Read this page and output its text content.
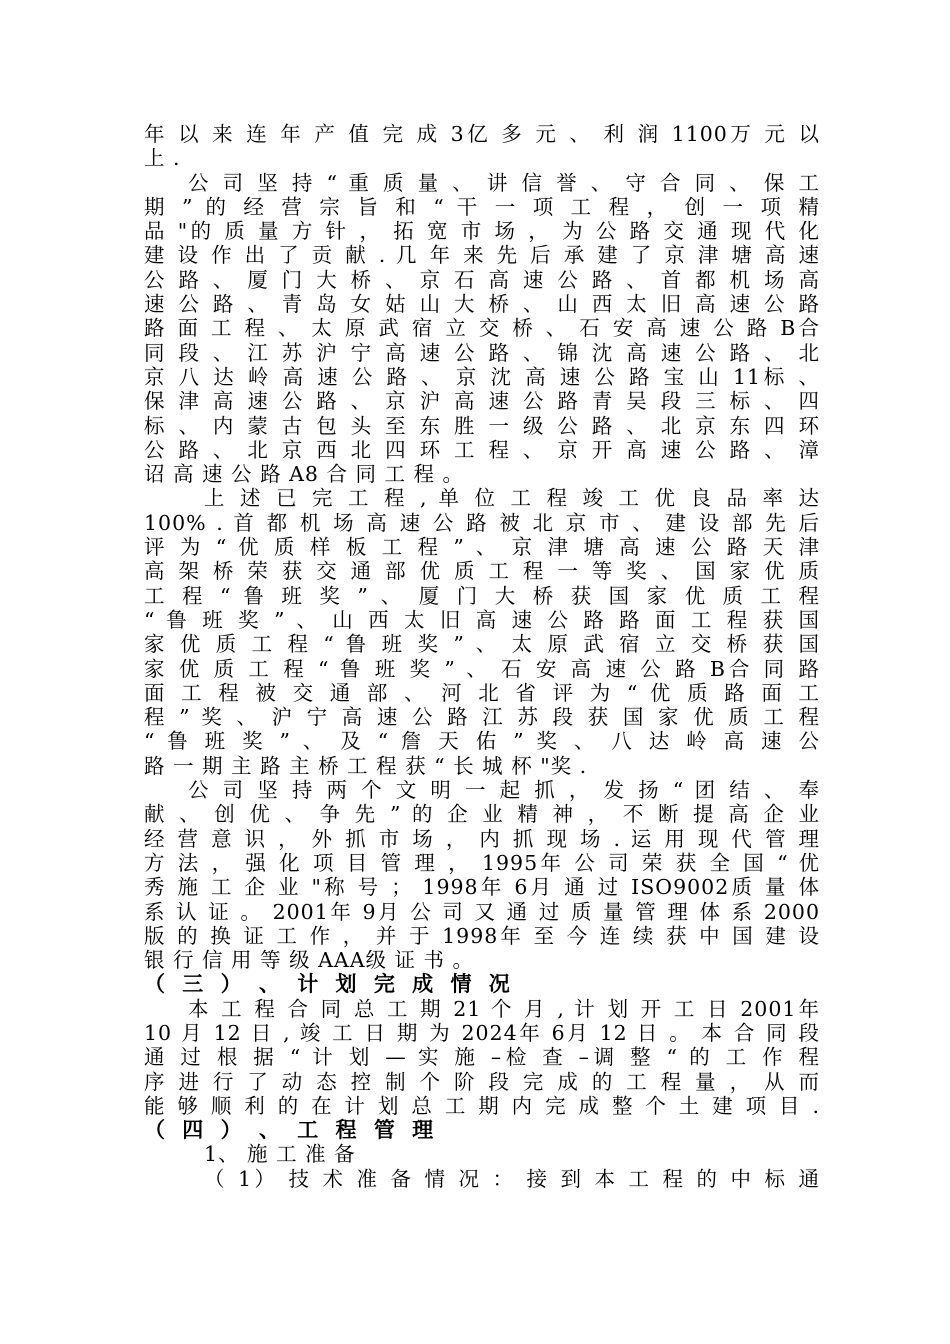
年 以 来 连 年 产 值 完 成 3亿 多 元 、 利 润 1100万 元 以
上 .
公 司 坚 持 “ 重 质 量 、 讲 信 誉 、 守 合 同 、 保 工
期 ” 的 经 营 宗 旨 和 “ 干 一 项 工 程 ， 创 一 项 精
品 "的 质 量 方 针 ， 拓 宽 市 场 ， 为 公 路 交 通 现 代 化
建 设 作 出 了 贡 献 . 几 年 来 先 后 承 建 了 京 津 塘 高 速
公 路 、 厦 门 大 桥 、 京 石 高 速 公 路 、 首 都 机 场 高
速 公 路 、 青 岛 女 姑 山 大 桥 、 山 西 太 旧 高 速 公 路
路 面 工 程 、 太 原 武 宿 立 交 桥 、 石 安 高 速 公 路 B合
同 段 、 江 苏 沪 宁 高 速 公 路 、 锦 沈 高 速 公 路 、 北
京 八 达 岭 高 速 公 路 、 京 沈 高 速 公 路 宝 山 11标 、
保 津 高 速 公 路 、 京 沪 高 速 公 路 青 吴 段 三 标 、 四
标 、 内 蒙 古 包 头 至 东 胜 一 级 公 路 、 北 京 东 四 环
公 路 、 北 京 西 北 四 环 工 程 、 京 开 高 速 公 路 、 漳
诏 高 速 公 路 A8 合 同 工 程 。
上 述 已 完 工 程 , 单 位 工 程 竣 工 优 良 品 率 达
100% . 首 都 机 场 高 速 公 路 被 北 京 市 、 建 设 部 先 后
评 为 “ 优 质 样 板 工 程 ” 、 京 津 塘 高 速 公 路 天 津
高 架 桥 荣 获 交 通 部 优 质 工 程 一 等 奖 、 国 家 优 质
工 程 “ 鲁 班 奖 ” 、 厦 门 大 桥 获 国 家 优 质 工 程
“ 鲁 班 奖 ” 、 山 西 太 旧 高 速 公 路 路 面 工 程 获 国
家 优 质 工 程 “ 鲁 班 奖 ” 、 太 原 武 宿 立 交 桥 获 国
家 优 质 工 程 “ 鲁 班 奖 ” 、 石 安 高 速 公 路 B合 同 路
面 工 程 被 交 通 部 、 河 北 省 评 为 “ 优 质 路 面 工
程 ” 奖 、 沪 宁 高 速 公 路 江 苏 段 获 国 家 优 质 工 程
“ 鲁 班 奖 ” 、 及 “ 詹 天 佑 ” 奖 、 八 达 岭 高 速 公
路 一 期 主 路 主 桥 工 程 获 “ 长 城 杯 "奖 .
公 司 坚 持 两 个 文 明 一 起 抓 ， 发 扬 “ 团 结 、 奉
献 、 创 优 、 争 先 ” 的 企 业 精 神 ， 不 断 提 高 企 业
经 营 意 识 ， 外 抓 市 场 ， 内 抓 现 场 . 运 用 现 代 管 理
方 法 ， 强 化 项 目 管 理 ， 1995年 公 司 荣 获 全 国 “ 优
秀 施 工 企 业 "称 号 ； 1998年 6月 通 过 ISO9002质 量 体
系 认 证 。 2001年 9月 公 司 又 通 过 质 量 管 理 体 系 2000
版 的 换 证 工 作 ， 并 于 1998年 至 今 连 续 获 中 国 建 设
银 行 信 用 等 级 AAA级 证 书 。
（ 三 ） 、 计 划 完 成 情 况
本 工 程 合 同 总 工 期 21 个 月 , 计 划 开 工 日 2001年
10 月 12 日 , 竣 工 日 期 为 2024年 6月 12 日 。 本 合 同 段
通 过 根 据 “ 计 划 — 实 施 –检 查 –调 整 “ 的 工 作 程
序 进 行 了 动 态 控 制 个 阶 段 完 成 的 工 程 量 ， 从 而
能 够 顺 利 的 在 计 划 总 工 期 内 完 成 整 个 土 建 项 目 .
（ 四 ） 、 工 程 管 理
1、 施 工 准 备
（ 1） 技 术 准 备 情 况 ： 接 到 本 工 程 的 中 标 通
